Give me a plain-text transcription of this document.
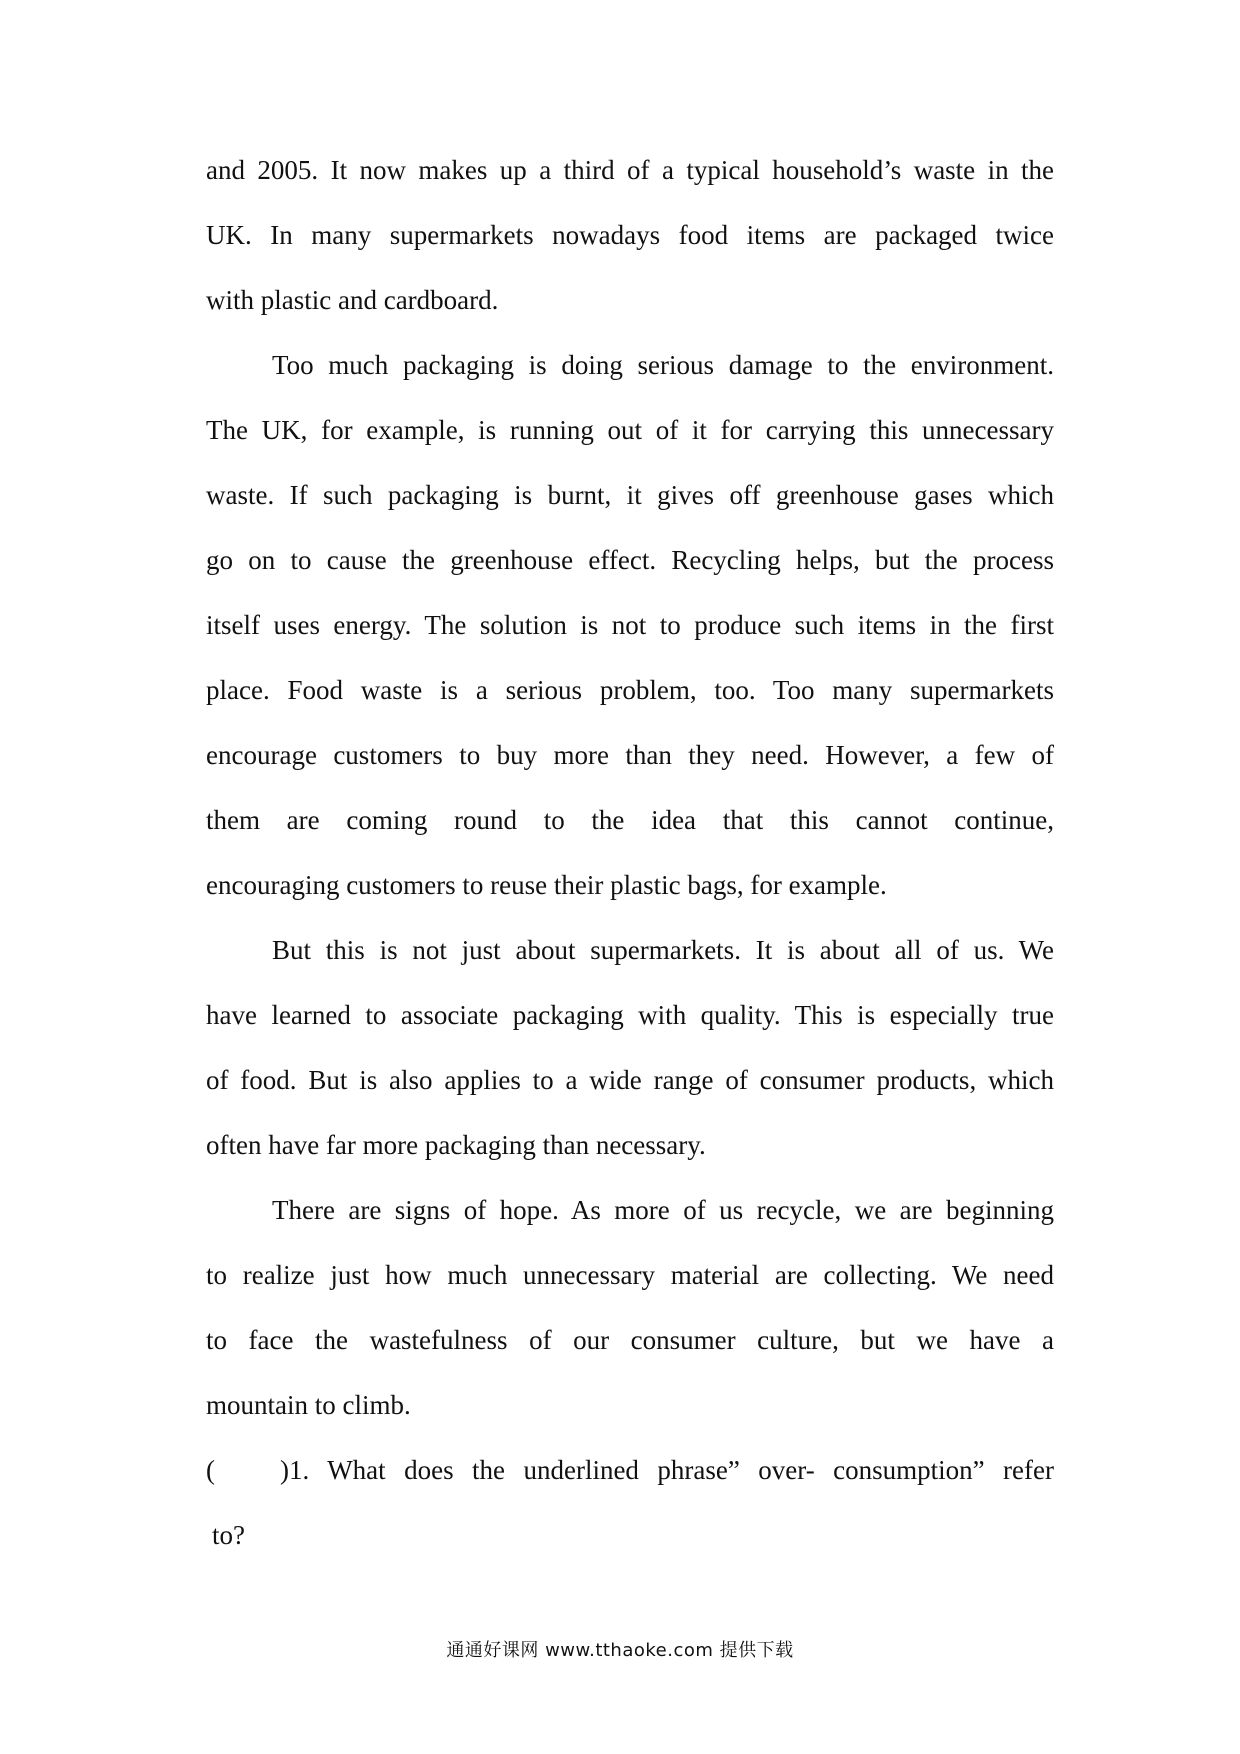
and 2005. It now makes up a third of a typical household’s waste in the
UK. In many supermarkets nowadays food items are packaged twice
with plastic and cardboard.
Too much packaging is doing serious damage to the environment.
The UK, for example, is running out of it for carrying this unnecessary
waste. If such packaging is burnt, it gives off greenhouse gases which
go on to cause the greenhouse effect. Recycling helps, but the process
itself uses energy. The solution is not to produce such items in the first
place. Food waste is a serious problem, too. Too many supermarkets
encourage customers to buy more than they need. However, a few of
them are coming round to the idea that this cannot continue,
encouraging customers to reuse their plastic bags, for example.
But this is not just about supermarkets. It is about all of us. We
have learned to associate packaging with quality. This is especially true
of food. But is also applies to a wide range of consumer products, which
often have far more packaging than necessary.
There are signs of hope. As more of us recycle, we are beginning
to realize just how much unnecessary material are collecting. We need
to face the wastefulness of our consumer culture, but we have a
mountain to climb.
(	)1. What does the underlined phrase” over- consumption” refer
to?
通通好课网 www.tthaoke.com 提供下载
